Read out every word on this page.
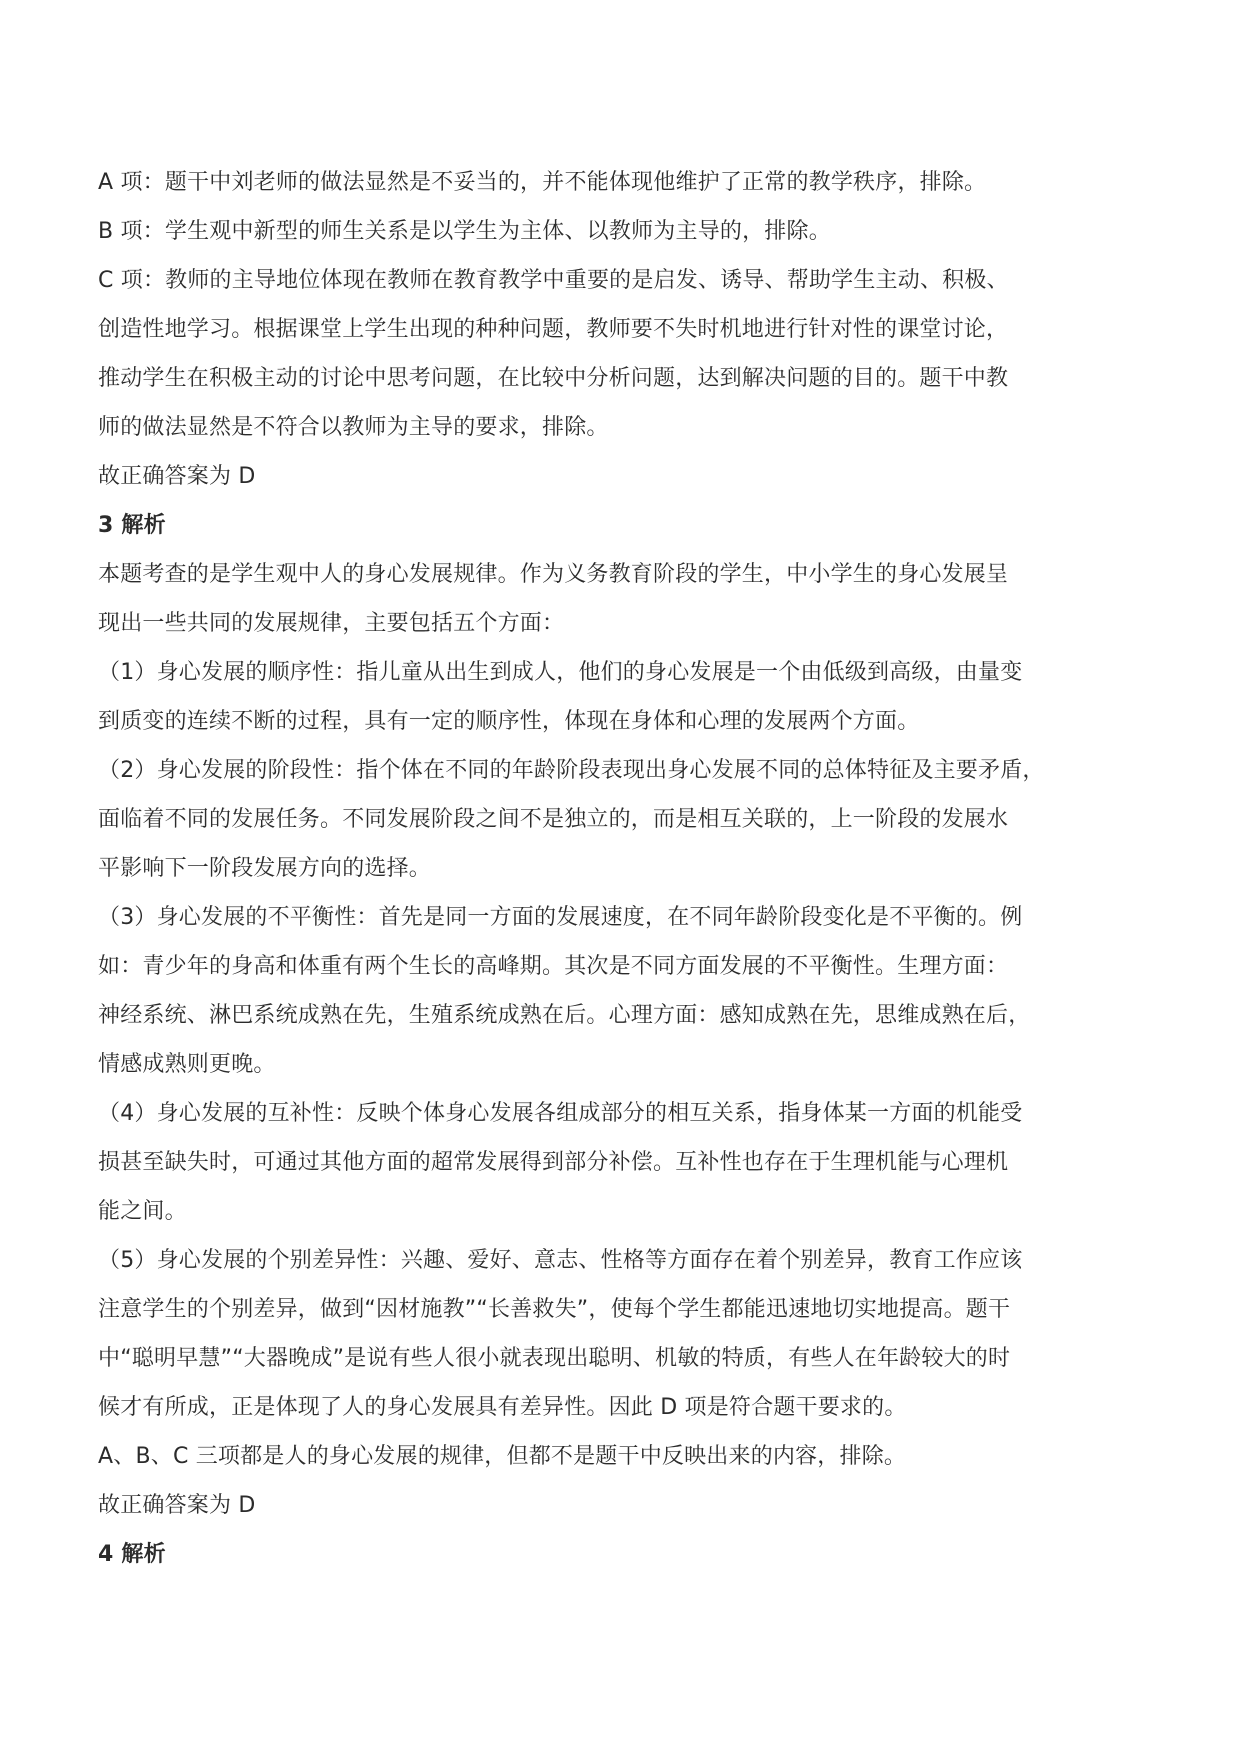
A 项：题干中刘老师的做法显然是不妥当的，并不能体现他维护了正常的教学秩序，排除。
B 项：学生观中新型的师生关系是以学生为主体、以教师为主导的，排除。
C 项：教师的主导地位体现在教师在教育教学中重要的是启发、诱导、帮助学生主动、积极、
创造性地学习。根据课堂上学生出现的种种问题，教师要不失时机地进行针对性的课堂讨论，
推动学生在积极主动的讨论中思考问题，在比较中分析问题，达到解决问题的目的。题干中教
师的做法显然是不符合以教师为主导的要求，排除。
故正确答案为 D
3 解析
本题考查的是学生观中人的身心发展规律。作为义务教育阶段的学生，中小学生的身心发展呈
现出一些共同的发展规律，主要包括五个方面：
（1）身心发展的顺序性：指儿童从出生到成人，他们的身心发展是一个由低级到高级，由量变
到质变的连续不断的过程，具有一定的顺序性，体现在身体和心理的发展两个方面。
（2）身心发展的阶段性：指个体在不同的年龄阶段表现出身心发展不同的总体特征及主要矛盾，
面临着不同的发展任务。不同发展阶段之间不是独立的，而是相互关联的，上一阶段的发展水
平影响下一阶段发展方向的选择。
（3）身心发展的不平衡性：首先是同一方面的发展速度，在不同年龄阶段变化是不平衡的。例
如：青少年的身高和体重有两个生长的高峰期。其次是不同方面发展的不平衡性。生理方面：
神经系统、淋巴系统成熟在先，生殖系统成熟在后。心理方面：感知成熟在先，思维成熟在后，
情感成熟则更晚。
（4）身心发展的互补性：反映个体身心发展各组成部分的相互关系，指身体某一方面的机能受
损甚至缺失时，可通过其他方面的超常发展得到部分补偿。互补性也存在于生理机能与心理机
能之间。
（5）身心发展的个别差异性：兴趣、爱好、意志、性格等方面存在着个别差异，教育工作应该
注意学生的个别差异，做到“因材施教”“长善救失”，使每个学生都能迅速地切实地提高。题干
中“聪明早慧”“大器晚成”是说有些人很小就表现出聪明、机敏的特质，有些人在年龄较大的时
候才有所成，正是体现了人的身心发展具有差异性。因此 D 项是符合题干要求的。
A、B、C 三项都是人的身心发展的规律，但都不是题干中反映出来的内容，排除。
故正确答案为 D
4 解析
